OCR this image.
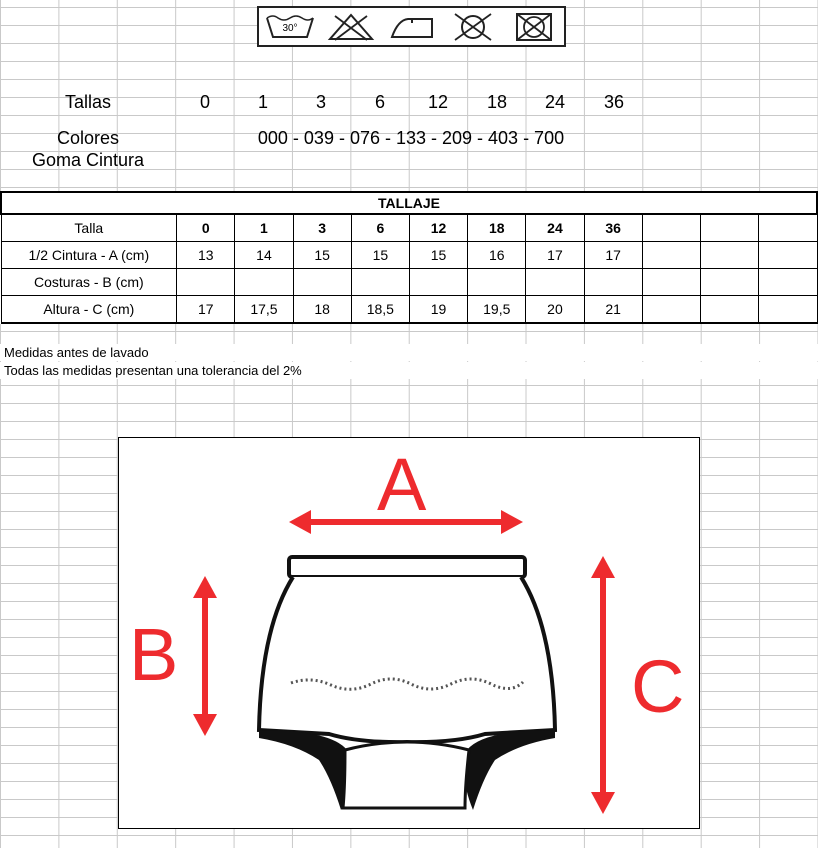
30°
Tallas	0	1	3	6	12	18	24	36
Colores	000 - 039 - 076 - 133 - 209 - 403 - 700
Goma Cintura
TALLAJE											
Talla	0	1	3	6	12	18	24	36			
1/2 Cintura - A (cm)	13	14	15	15	15	16	17	17			
Costuras - B (cm)											
Altura - C (cm)	17	17,5	18	18,5	19	19,5	20	21			
Medidas antes de lavado
Todas las medidas presentan una tolerancia del 2%
A
B	C
